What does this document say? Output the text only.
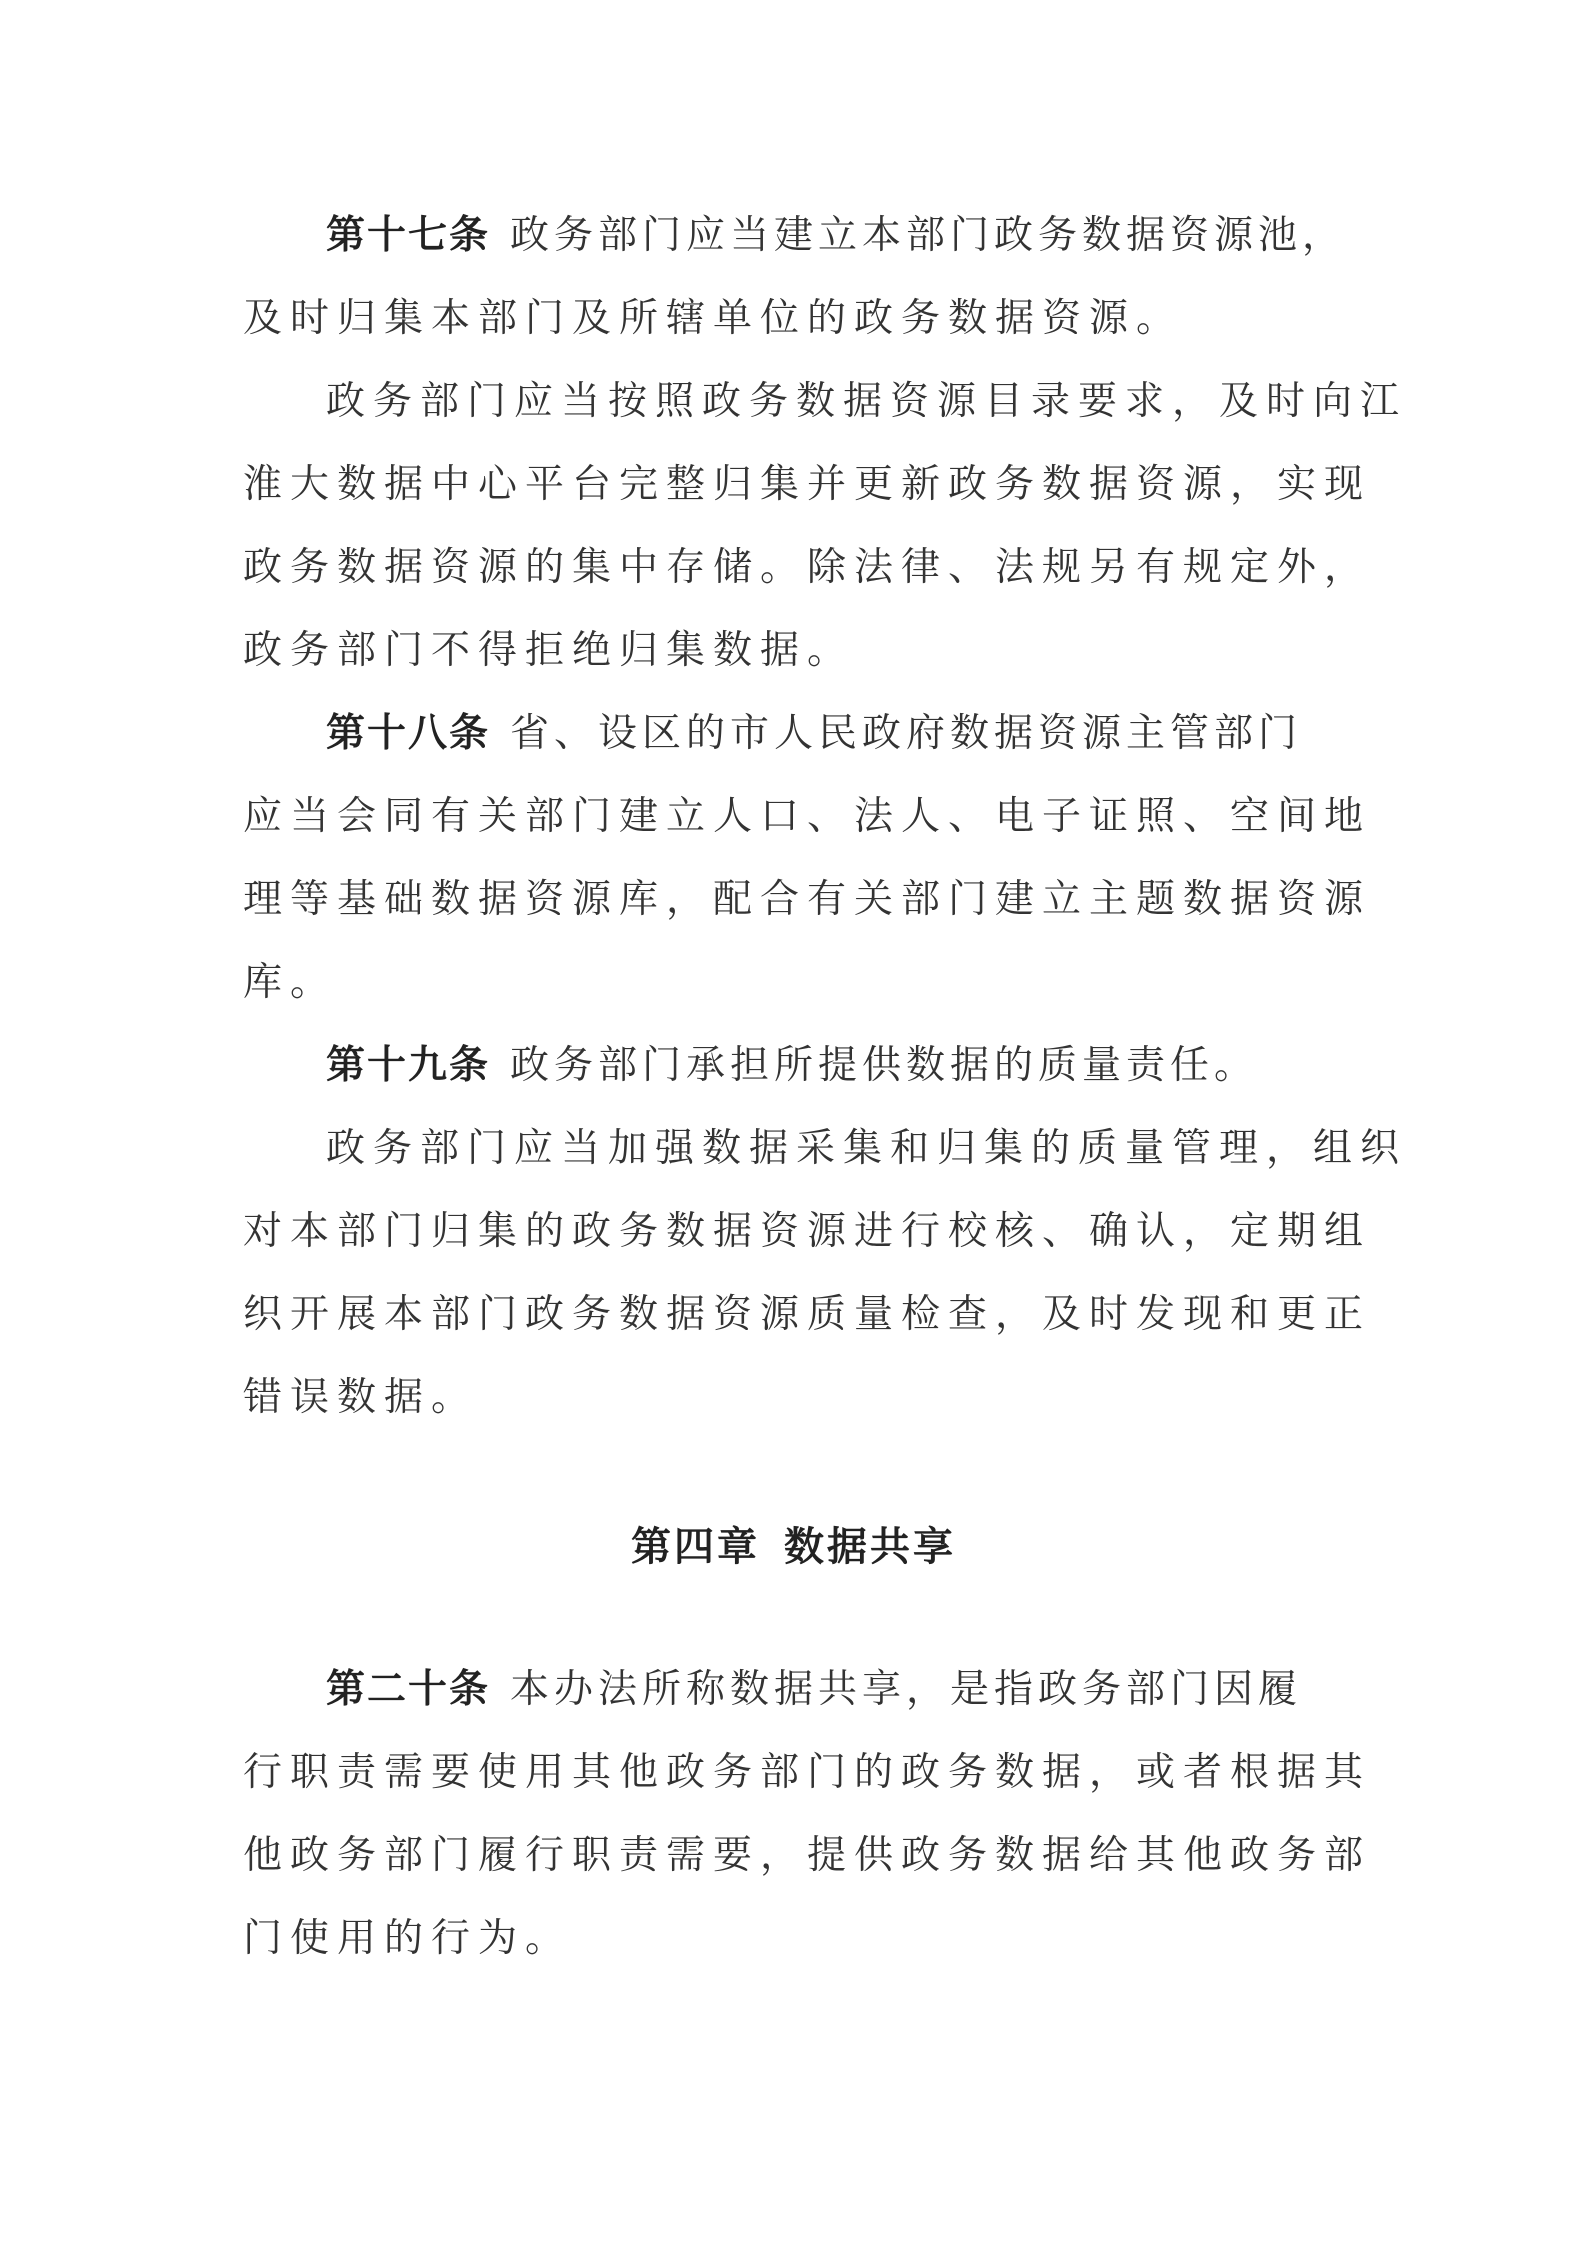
第十七条 政务部门应当建立本部门政务数据资源池，
及时归集本部门及所辖单位的政务数据资源。
政务部门应当按照政务数据资源目录要求，及时向江
淮大数据中心平台完整归集并更新政务数据资源，实现
政务数据资源的集中存储。除法律、法规另有规定外，
政务部门不得拒绝归集数据。
第十八条 省、设区的市人民政府数据资源主管部门
应当会同有关部门建立人口、法人、电子证照、空间地
理等基础数据资源库，配合有关部门建立主题数据资源
库。
第十九条 政务部门承担所提供数据的质量责任。
政务部门应当加强数据采集和归集的质量管理，组织
对本部门归集的政务数据资源进行校核、确认，定期组
织开展本部门政务数据资源质量检查，及时发现和更正
错误数据。
第二十条 本办法所称数据共享，是指政务部门因履
行职责需要使用其他政务部门的政务数据，或者根据其
他政务部门履行职责需要，提供政务数据给其他政务部
门使用的行为。
第四章 数据共享
